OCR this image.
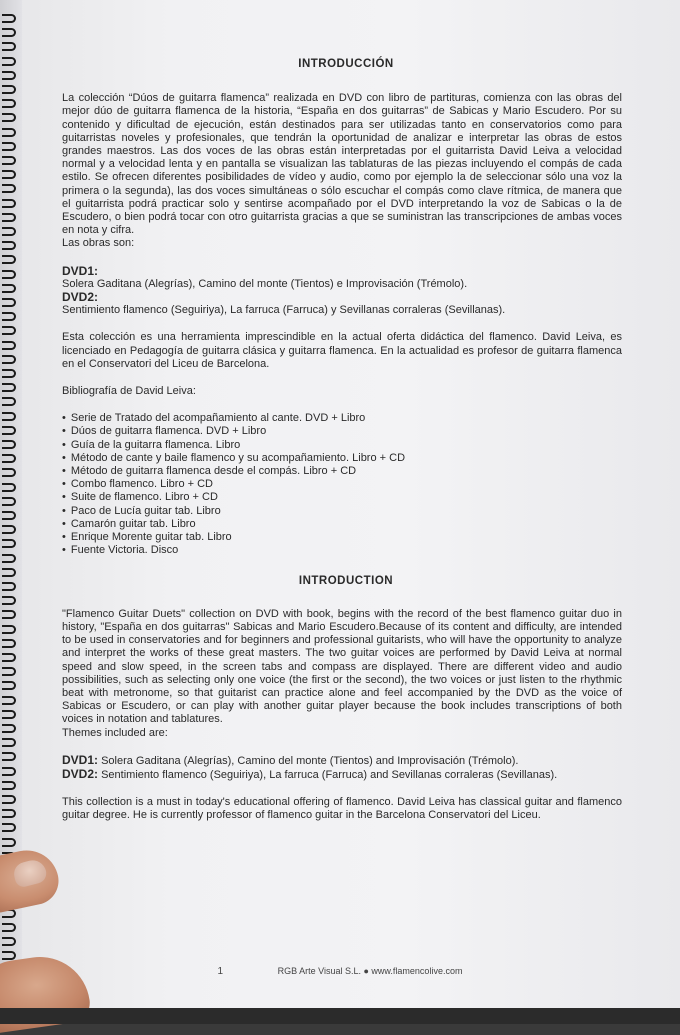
INTRODUCCIÓN

La colección “Dúos de guitarra flamenca” realizada en DVD con libro de partituras, comienza con las obras del mejor dúo de guitarra flamenca de la historia, “España en dos guitarras” de Sabicas y Mario Escudero. Por su contenido y dificultad de ejecución, están destinados para ser utilizadas tanto en conservatorios como para guitarristas noveles y profesionales, que tendrán la oportunidad de analizar e interpretar las obras de estos grandes maestros. Las dos voces de las obras están interpretadas por el guitarrista David Leiva a velocidad normal y a velocidad lenta y en pantalla se visualizan las tablaturas de las piezas incluyendo el compás de cada estilo. Se ofrecen diferentes posibilidades de vídeo y audio, como por ejemplo la de seleccionar sólo una voz la primera o la segunda), las dos voces simultáneas o sólo escuchar el compás como clave rítmica, de manera que el guitarrista podrá practicar solo y sentirse acompañado por el DVD interpretando la voz de Sabicas o la de Escudero, o bien podrá tocar con otro guitarrista gracias a que se suministran las transcripciones de ambas voces en nota y cifra.

Las obras son:

DVD1:

Solera Gaditana (Alegrías), Camino del monte (Tientos) e Improvisación (Trémolo).

DVD2:

Sentimiento flamenco (Seguiriya), La farruca (Farruca) y Sevillanas corraleras (Sevillanas).

Esta colección es una herramienta imprescindible en la actual oferta didáctica del flamenco. David Leiva, es licenciado en Pedagogía de guitarra clásica y guitarra flamenca. En la actualidad es profesor de guitarra flamenca en el Conservatori del Liceu de Barcelona.

Bibliografía de David Leiva:

• Serie de Tratado del acompañamiento al cante. DVD + Libro
• Dúos de guitarra flamenca. DVD + Libro
• Guía de la guitarra flamenca. Libro
• Método de cante y baile flamenco y su acompañamiento. Libro + CD
• Método de guitarra flamenca desde el compás. Libro + CD
• Combo flamenco. Libro + CD
• Suite de flamenco. Libro + CD
• Paco de Lucía guitar tab. Libro
• Camarón guitar tab. Libro
• Enrique Morente guitar tab. Libro
• Fuente Victoria. Disco
INTRODUCTION

"Flamenco Guitar Duets" collection on DVD with book, begins with the record of the best flamenco guitar duo in history, "España en dos guitarras" Sabicas and Mario Escudero.Because of its content and difficulty, are intended to be used in conservatories and for beginners and professional guitarists, who will have the opportunity to analyze and interpret the works of these great masters. The two guitar voices are performed by David Leiva at normal speed and slow speed, in the screen tabs and compass are displayed. There are different video and audio possibilities, such as selecting only one voice (the first or the second), the two voices or just listen to the rhythmic beat with metronome, so that guitarist can practice alone and feel accompanied by the DVD as the voice of Sabicas or Escudero, or can play with another guitar player because the book includes transcriptions of both voices in notation and tablatures.

Themes included are:

DVD1: Solera Gaditana (Alegrías), Camino del monte (Tientos) and Improvisación (Trémolo).

DVD2: Sentimiento flamenco (Seguiriya), La farruca (Farruca) and Sevillanas corraleras (Sevillanas).

This collection is a must in today's educational offering of flamenco. David Leiva has classical guitar and flamenco guitar degree. He is currently professor of flamenco guitar in the Barcelona Conservatori del Liceu.

1	RGB Arte Visual S.L. ● www.flamencolive.com
